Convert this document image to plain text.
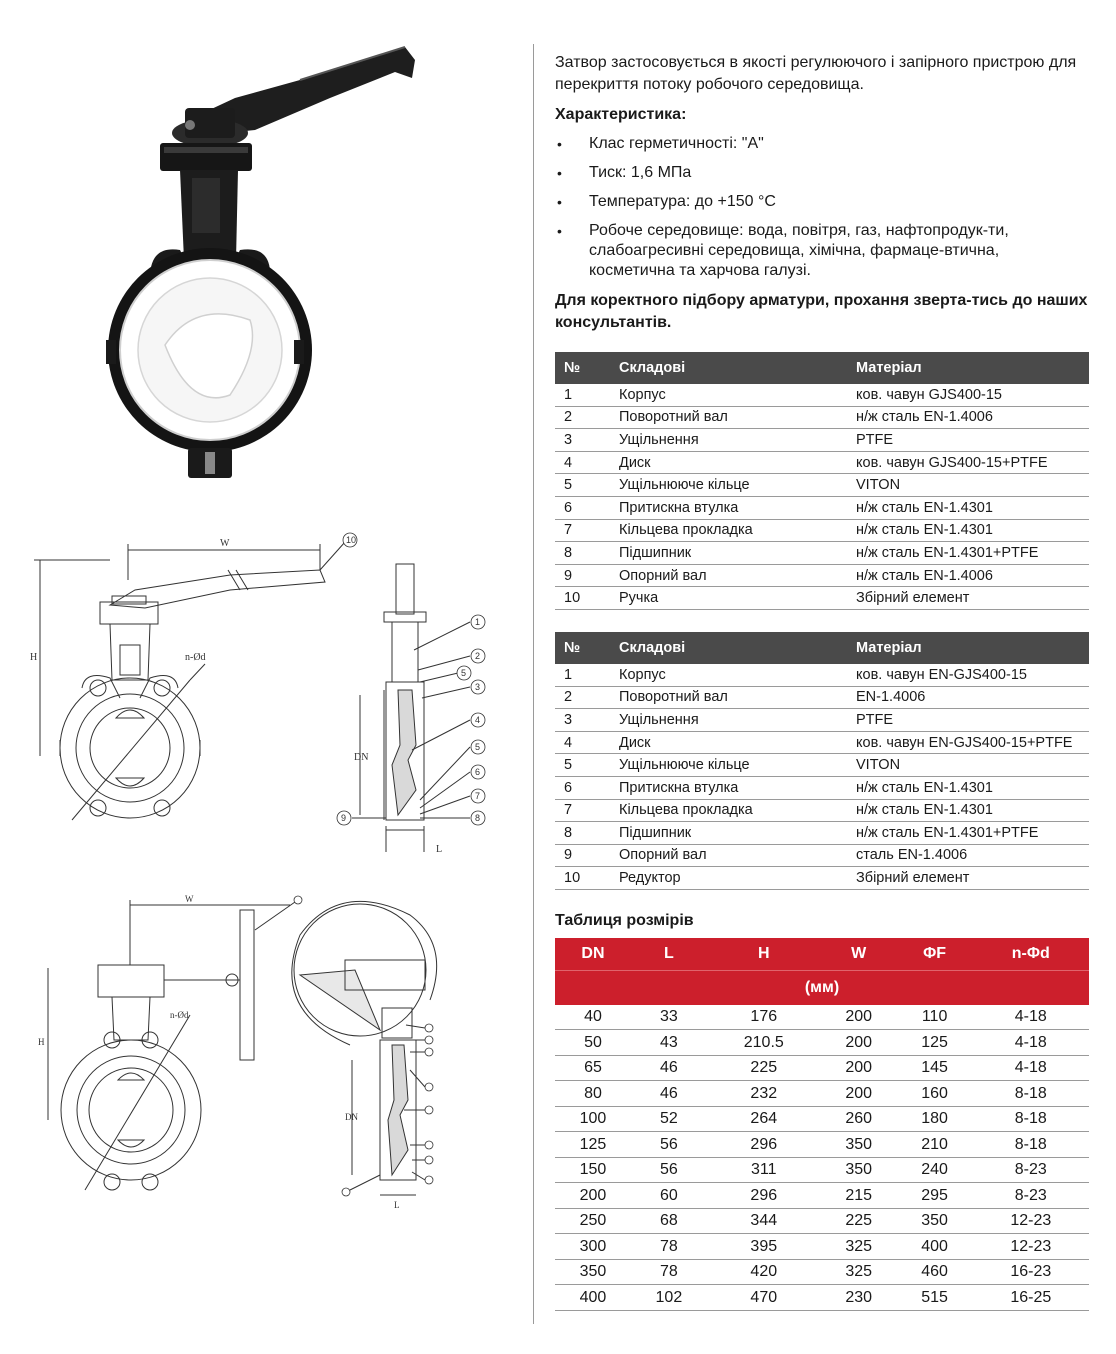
W
H	n-Ød
DN
L
10
1
2
5
3
4
5
6
7
8
9
W
H
n-Ød
DN
L

Затвор застосовується в якості регулюючого і запірного пристрою для перекриття потоку робочого середовища.

Характеристика:

• Клас герметичності: "А"
• Тиск: 1,6 МПа
• Температура: до +150 °С
• Робоче середовище: вода, повітря, газ, нафтопродук-ти, слабоагресивні середовища, хімічна, фармаце-втична, косметична та харчова галузі.

Для коректного підбору арматури, прохання зверта-тись до наших консультантів.

№	Складові	Матеріал
1	Корпус	ков. чавун GJS400-15
2	Поворотний вал	н/ж сталь EN-1.4006
3	Ущільнення	PTFE
4	Диск	ков. чавун GJS400-15+PTFE
5	Ущільнююче кільце	VITON
6	Притискна втулка	н/ж сталь EN-1.4301
7	Кільцева прокладка	н/ж сталь EN-1.4301
8	Підшипник	н/ж сталь EN-1.4301+PTFE
9	Опорний вал	н/ж сталь EN-1.4006
10	Ручка	Збірний елемент
№	Складові	Матеріал
1	Корпус	ков. чавун EN-GJS400-15
2	Поворотний вал	EN-1.4006
3	Ущільнення	PTFE
4	Диск	ков. чавун EN-GJS400-15+PTFE
5	Ущільнююче кільце	VITON
6	Притискна втулка	н/ж сталь EN-1.4301
7	Кільцева прокладка	н/ж сталь EN-1.4301
8	Підшипник	н/ж сталь EN-1.4301+PTFE
9	Опорний вал	сталь EN-1.4006
10	Редуктор	Збірний елемент

Таблиця розмірів

DN	L	H	W	ΦF	n-Φd
(мм)					
40	33	176	200	110	4-18
50	43	210.5	200	125	4-18
65	46	225	200	145	4-18
80	46	232	200	160	8-18
100	52	264	260	180	8-18
125	56	296	350	210	8-18
150	56	311	350	240	8-23
200	60	296	215	295	8-23
250	68	344	225	350	12-23
300	78	395	325	400	12-23
350	78	420	325	460	16-23
400	102	470	230	515	16-25
